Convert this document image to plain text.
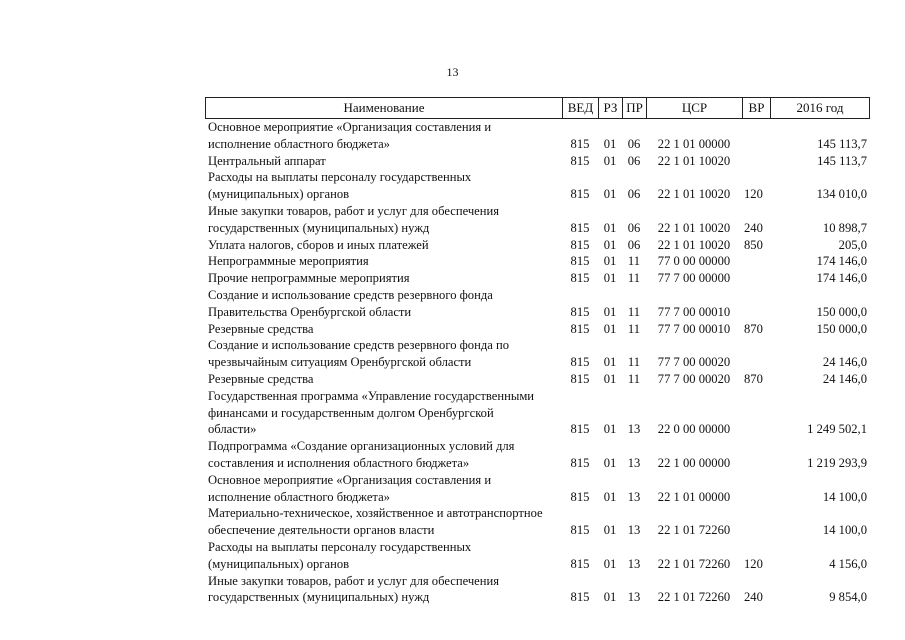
13
Наименование	ВЕД РЗ ПР	ЦСР	ВР	2016 год
Основное мероприятие «Организация составления и
исполнение областного бюджета»	815	01 06	22 1 01 00000	145 113,7
Центральный аппарат	815	01 06	22 1 01 10020	145 113,7
Расходы на выплаты персоналу государственных
(муниципальных) органов	815	01 06	22 1 01 10020	120	134 010,0
Иные закупки товаров, работ и услуг для обеспечения
государственных (муниципальных) нужд	815	01 06	22 1 01 10020	240	10 898,7
Уплата налогов, сборов и иных платежей	815	01 06	22 1 01 10020	850	205,0
Непрограммные мероприятия	815	01 11	77 0 00 00000	174 146,0
Прочие непрограммные мероприятия	815	01 11	77 7 00 00000	174 146,0
Создание и использование средств резервного фонда
Правительства Оренбургской области	815	01 11	77 7 00 00010	150 000,0
Резервные средства	815	01 11	77 7 00 00010	870	150 000,0
Создание и использование средств резервного фонда по
чрезвычайным ситуациям Оренбургской области	815	01 11	77 7 00 00020	24 146,0
Резервные средства	815	01 11	77 7 00 00020	870	24 146,0
Государственная программа «Управление государственными
финансами и государственным долгом Оренбургской
области»	815	01 13	22 0 00 00000	1 249 502,1
Подпрограмма «Создание организационных условий для
составления и исполнения областного бюджета»	815	01 13	22 1 00 00000	1 219 293,9
Основное мероприятие «Организация составления и
исполнение областного бюджета»	815	01 13	22 1 01 00000	14 100,0
Материально-техническое, хозяйственное и автотранспортное
обеспечение деятельности органов власти	815	01 13	22 1 01 72260	14 100,0
Расходы на выплаты персоналу государственных
(муниципальных) органов	815	01 13	22 1 01 72260	120	4 156,0
Иные закупки товаров, работ и услуг для обеспечения
государственных (муниципальных) нужд	815	01 13	22 1 01 72260	240	9 854,0
